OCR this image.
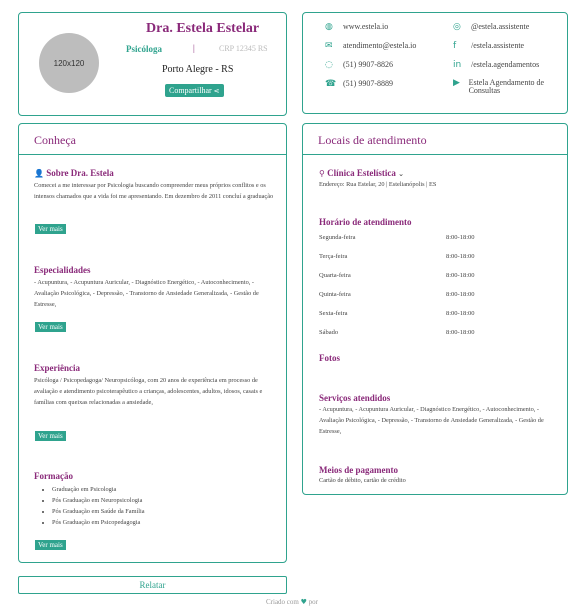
120x120
Dra. Estela Estelar
Psicóloga	|	CRP 12345 RS
Porto Alegre - RS
Compartilhar ⋖
◍	www.estela.io
✉	atendimento@estela.io
◌	(51) 9907-8826
☎ (51) 9907-8889
◎	@estela.assistente
f	/estela.assistente
in	/estela.agendamentos
▶	Estela Agendamento de Consultas
Conheça
👤 Sobre Dra. Estela
Comecei a me interessar por Psicologia buscando compreender meus próprios conflitos e os intensos chamados que a vida foi me apresentando. Em dezembro de 2011 concluí a graduação
Ver mais
Especialidades
- Acupuntura, - Acupuntura Auricular, - Diagnóstico Energético, - Autoconhecimento, - Avaliação Psicológica, - Depressão, - Transtorno de Ansiedade Generalizada, - Gestão de Estresse,
Ver mais
Experiência
Psicóloga / Psicopedagoga/ Neuropsicóloga, com 20 anos de experiência em processo de avaliação e atendimento psicoterapêutico a crianças, adolescentes, adultos, idosos, casais e famílias com queixas relacionadas a ansiedade,
Ver mais
Formação
• Graduação em Psicologia
• Pós Graduação em Neuropsicologia
• Pós Graduação em Saúde da Família
• Pós Graduação em Psicopedagogia
Ver mais
Locais de atendimento
⚲ Clínica Estelística ⌄
Endereço: Rua Estelar, 20 | Estelianópolis | ES
Horário de atendimento
Segunda-feira	8:00-18:00
Terça-feira	8:00-18:00
Quarta-feira	8:00-18:00
Quinta-feira	8:00-18:00
Sexta-feira	8:00-18:00
Sábado	8:00-18:00
Fotos
Serviços atendidos
- Acupuntura, - Acupuntura Auricular, - Diagnóstico Energético, - Autoconhecimento, - Avaliação Psicológica, - Depressão, - Transtorno de Ansiedade Generalizada, - Gestão de Estresse,
Meios de pagamento
Cartão de débito, cartão de crédito
Relatar
Criado com ♥ por
